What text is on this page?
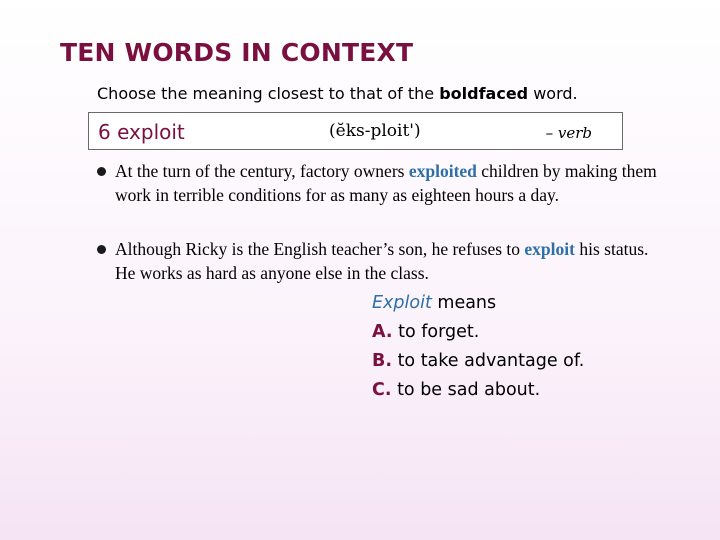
TEN WORDS IN CONTEXT
Choose the meaning closest to that of the boldfaced word.
6 exploit	(ĕks-ploit')	– verb
At the turn of the century, factory owners exploited children by making them work in terrible conditions for as many as eighteen hours a day.
Although Ricky is the English teacher’s son, he refuses to exploit his status. He works as hard as anyone else in the class.
Exploit means
A. to forget.
B. to take advantage of.
C. to be sad about.
